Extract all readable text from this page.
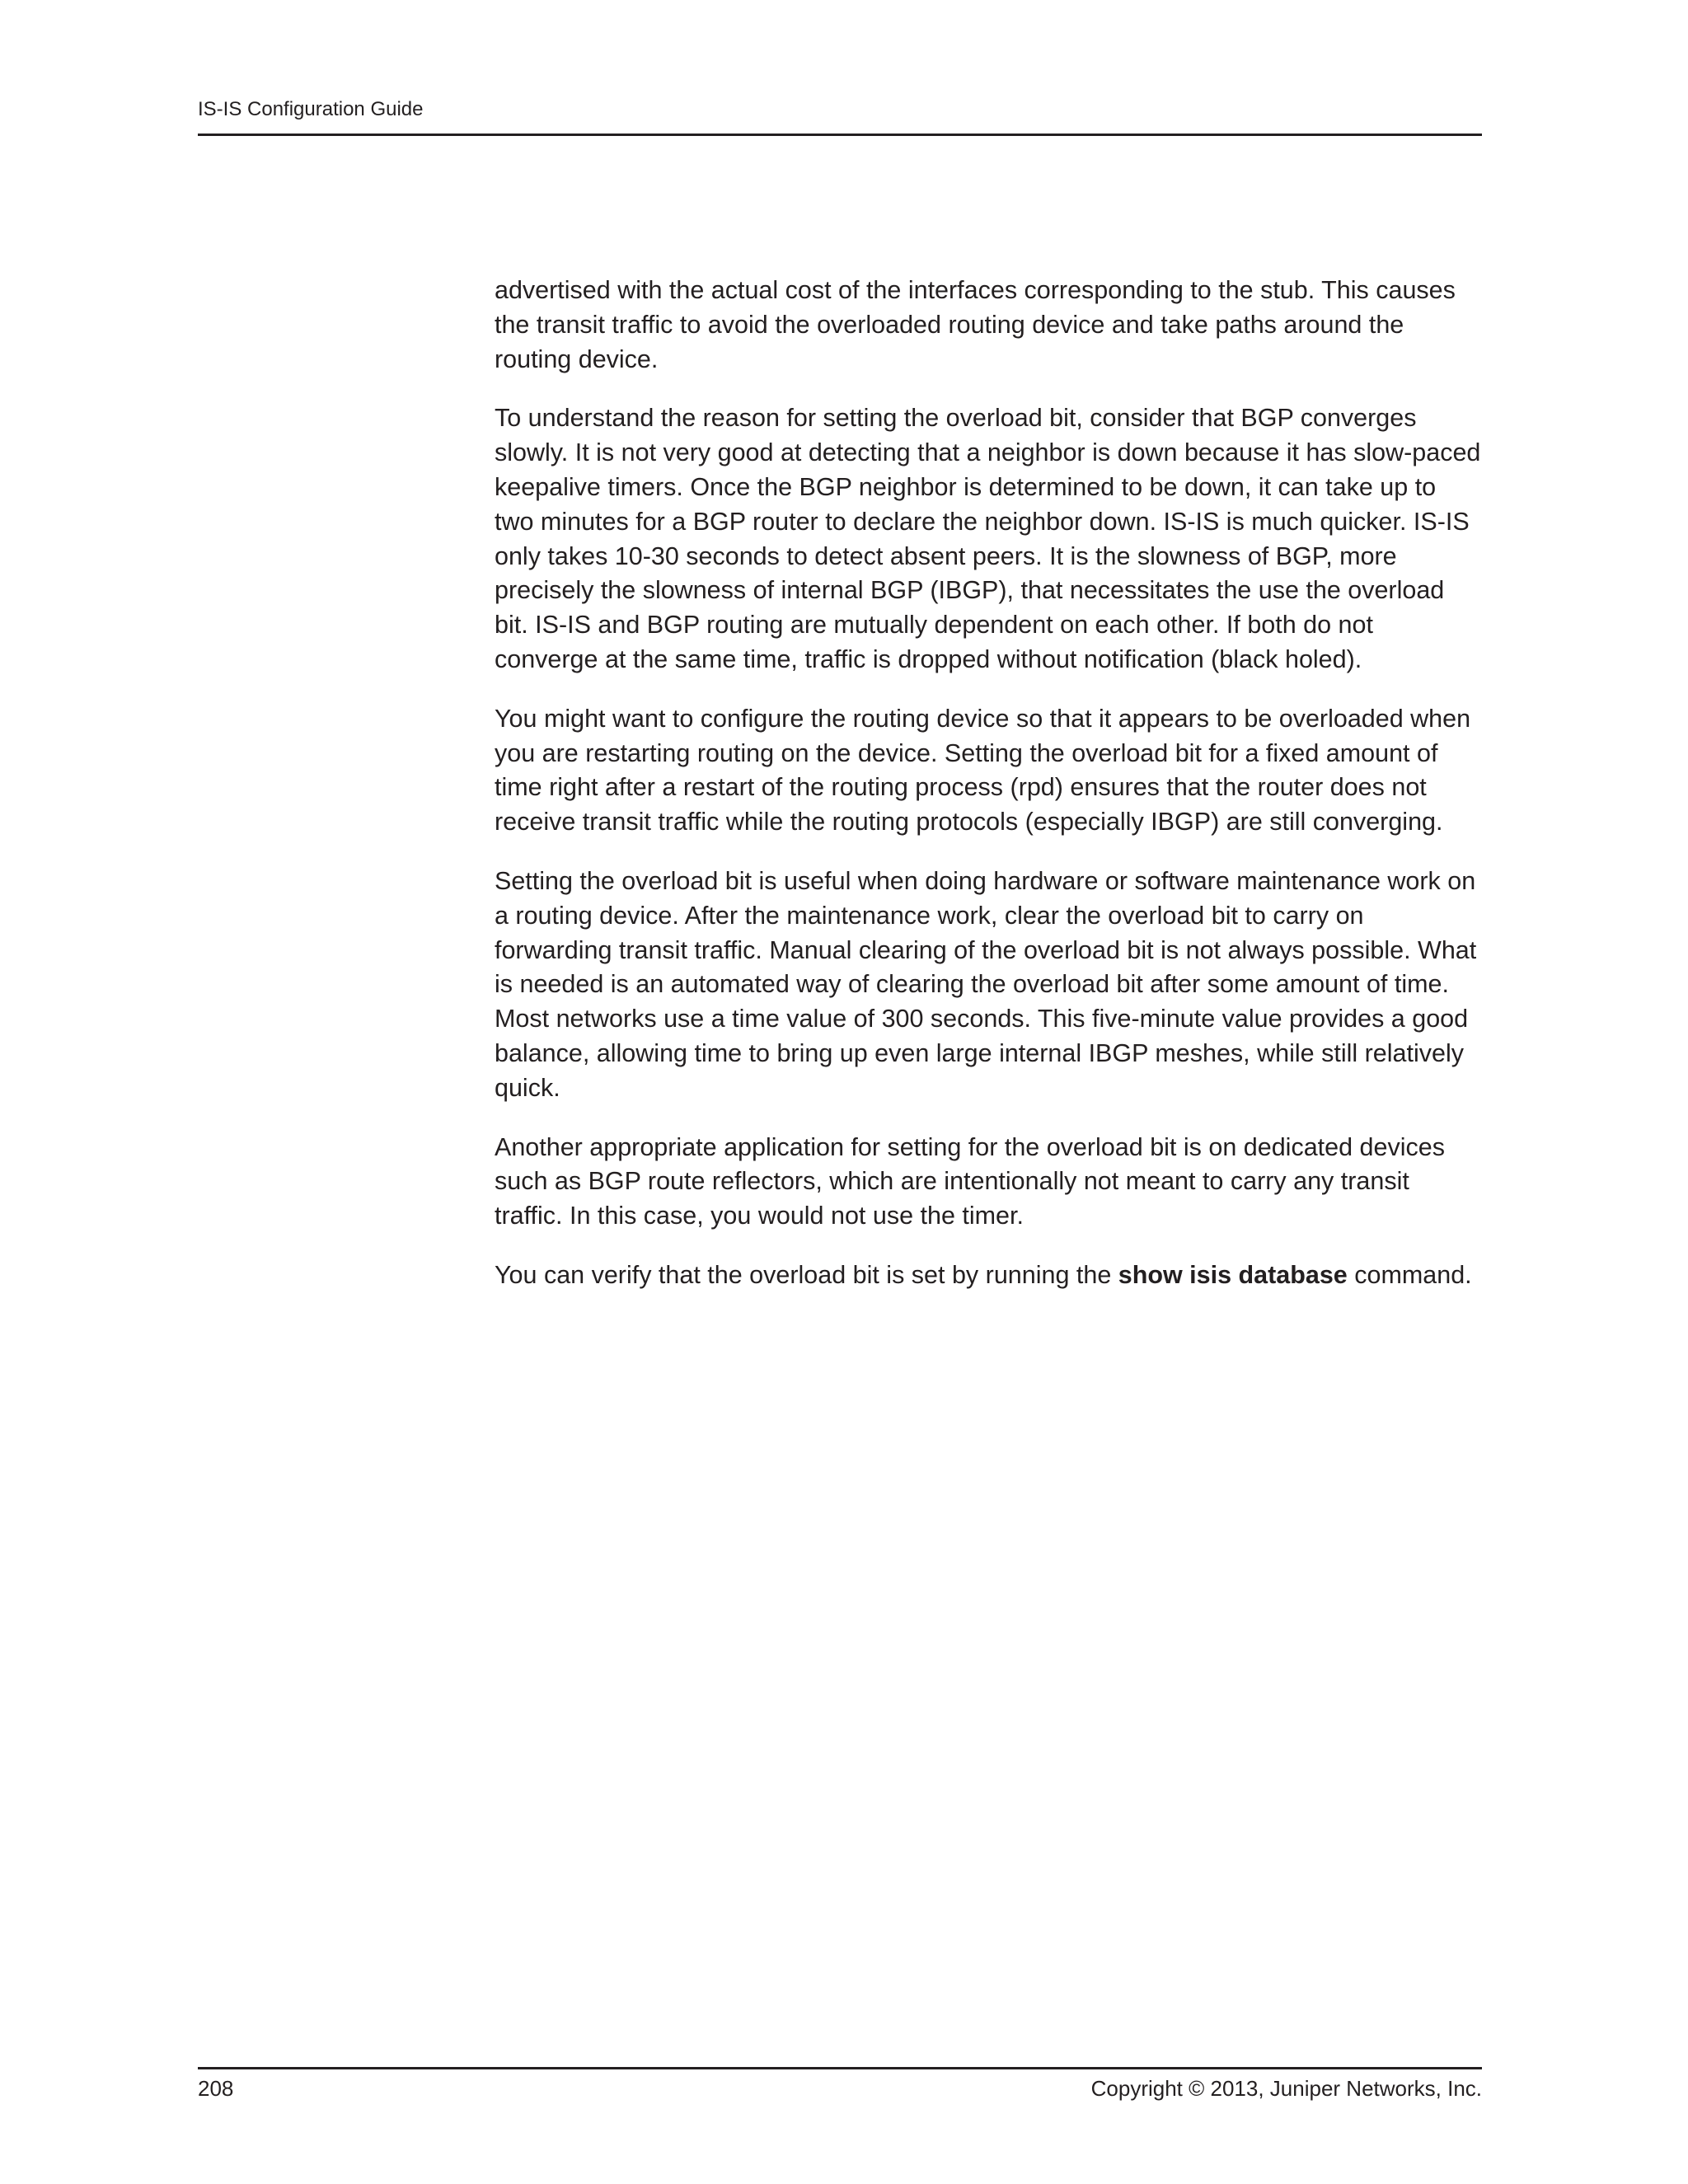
IS-IS Configuration Guide

advertised with the actual cost of the interfaces corresponding to the stub. This causes the transit traffic to avoid the overloaded routing device and take paths around the routing device.

To understand the reason for setting the overload bit, consider that BGP converges slowly. It is not very good at detecting that a neighbor is down because it has slow-paced keepalive timers. Once the BGP neighbor is determined to be down, it can take up to two minutes for a BGP router to declare the neighbor down. IS-IS is much quicker. IS-IS only takes 10-30 seconds to detect absent peers. It is the slowness of BGP, more precisely the slowness of internal BGP (IBGP), that necessitates the use the overload bit. IS-IS and BGP routing are mutually dependent on each other. If both do not converge at the same time, traffic is dropped without notification (black holed).

You might want to configure the routing device so that it appears to be overloaded when you are restarting routing on the device. Setting the overload bit for a fixed amount of time right after a restart of the routing process (rpd) ensures that the router does not receive transit traffic while the routing protocols (especially IBGP) are still converging.

Setting the overload bit is useful when doing hardware or software maintenance work on a routing device. After the maintenance work, clear the overload bit to carry on forwarding transit traffic. Manual clearing of the overload bit is not always possible. What is needed is an automated way of clearing the overload bit after some amount of time. Most networks use a time value of 300 seconds. This five-minute value provides a good balance, allowing time to bring up even large internal IBGP meshes, while still relatively quick.

Another appropriate application for setting for the overload bit is on dedicated devices such as BGP route reflectors, which are intentionally not meant to carry any transit traffic. In this case, you would not use the timer.

You can verify that the overload bit is set by running the show isis database command.

208	Copyright © 2013, Juniper Networks, Inc.
